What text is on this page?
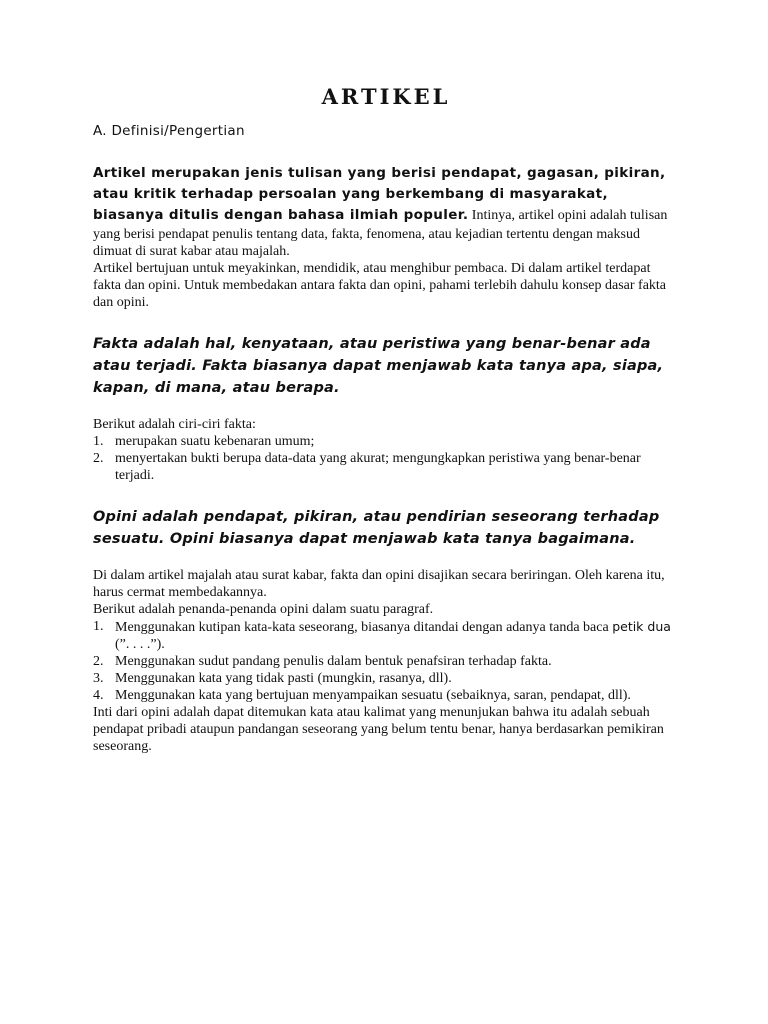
ARTIKEL
A. Definisi/Pengertian

Artikel merupakan jenis tulisan yang berisi pendapat, gagasan, pikiran, atau kritik terhadap persoalan yang berkembang di masyarakat, biasanya ditulis dengan bahasa ilmiah populer. Intinya, artikel opini adalah tulisan yang berisi pendapat penulis tentang data, fakta, fenomena, atau kejadian tertentu dengan maksud dimuat di surat kabar atau majalah.

Artikel bertujuan untuk meyakinkan, mendidik, atau menghibur pembaca. Di dalam artikel terdapat fakta dan opini. Untuk membedakan antara fakta dan opini, pahami terlebih dahulu konsep dasar fakta dan opini.

Fakta adalah hal, kenyataan, atau peristiwa yang benar-benar ada atau terjadi. Fakta biasanya dapat menjawab kata tanya apa, siapa, kapan, di mana, atau berapa.

Berikut adalah ciri-ciri fakta:

1. merupakan suatu kebenaran umum;
2. menyertakan bukti berupa data-data yang akurat; mengungkapkan peristiwa yang benar-benar terjadi.

Opini adalah pendapat, pikiran, atau pendirian seseorang terhadap sesuatu. Opini biasanya dapat menjawab kata tanya bagaimana.

Di dalam artikel majalah atau surat kabar, fakta dan opini disajikan secara beriringan. Oleh karena itu, harus cermat membedakannya.

Berikut adalah penanda-penanda opini dalam suatu paragraf.

1. Menggunakan kutipan kata-kata seseorang, biasanya ditandai dengan adanya tanda baca petik dua (”. . . .”).
2. Menggunakan sudut pandang penulis dalam bentuk penafsiran terhadap fakta.
3. Menggunakan kata yang tidak pasti (mungkin, rasanya, dll).
4. Menggunakan kata yang bertujuan menyampaikan sesuatu (sebaiknya, saran, pendapat, dll).

Inti dari opini adalah dapat ditemukan kata atau kalimat yang menunjukan bahwa itu adalah sebuah pendapat pribadi ataupun pandangan seseorang yang belum tentu benar, hanya berdasarkan pemikiran seseorang.
